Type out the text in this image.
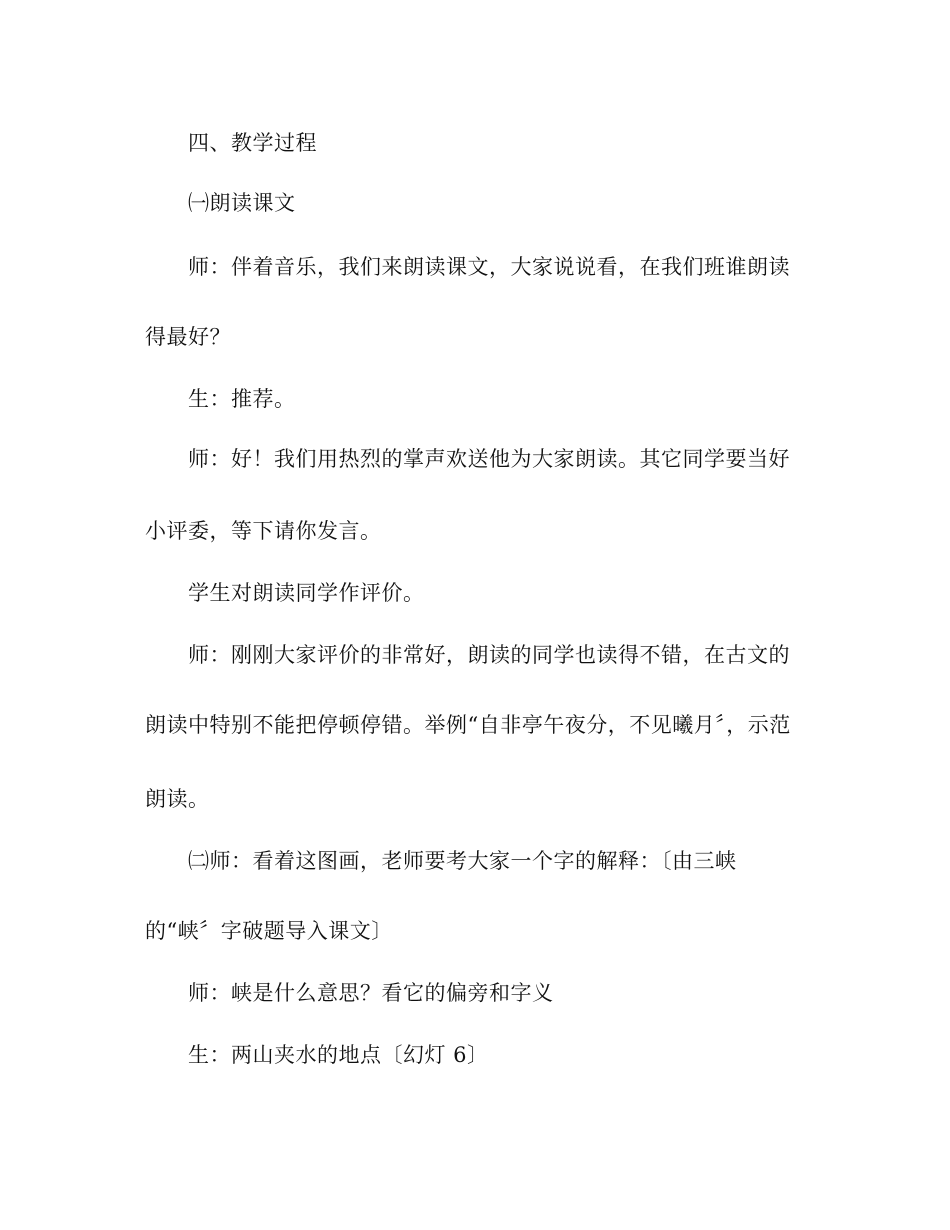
四、教学过程
㈠朗读课文
师：伴着音乐，我们来朗读课文，大家说说看，在我们班谁朗读
得最好？
生：推荐。
师：好！我们用热烈的掌声欢送他为大家朗读。其它同学要当好
小评委，等下请你发言。
学生对朗读同学作评价。
师：刚刚大家评价的非常好，朗读的同学也读得不错，在古文的
朗读中特别不能把停顿停错。举例“自非亭午夜分，不见曦月〞，示范
朗读。
㈡师：看着这图画，老师要考大家一个字的解释：〔由三峡
的“峡〞字破题导入课文〕
师：峡是什么意思？看它的偏旁和字义
生：两山夹水的地点〔幻灯 6〕
